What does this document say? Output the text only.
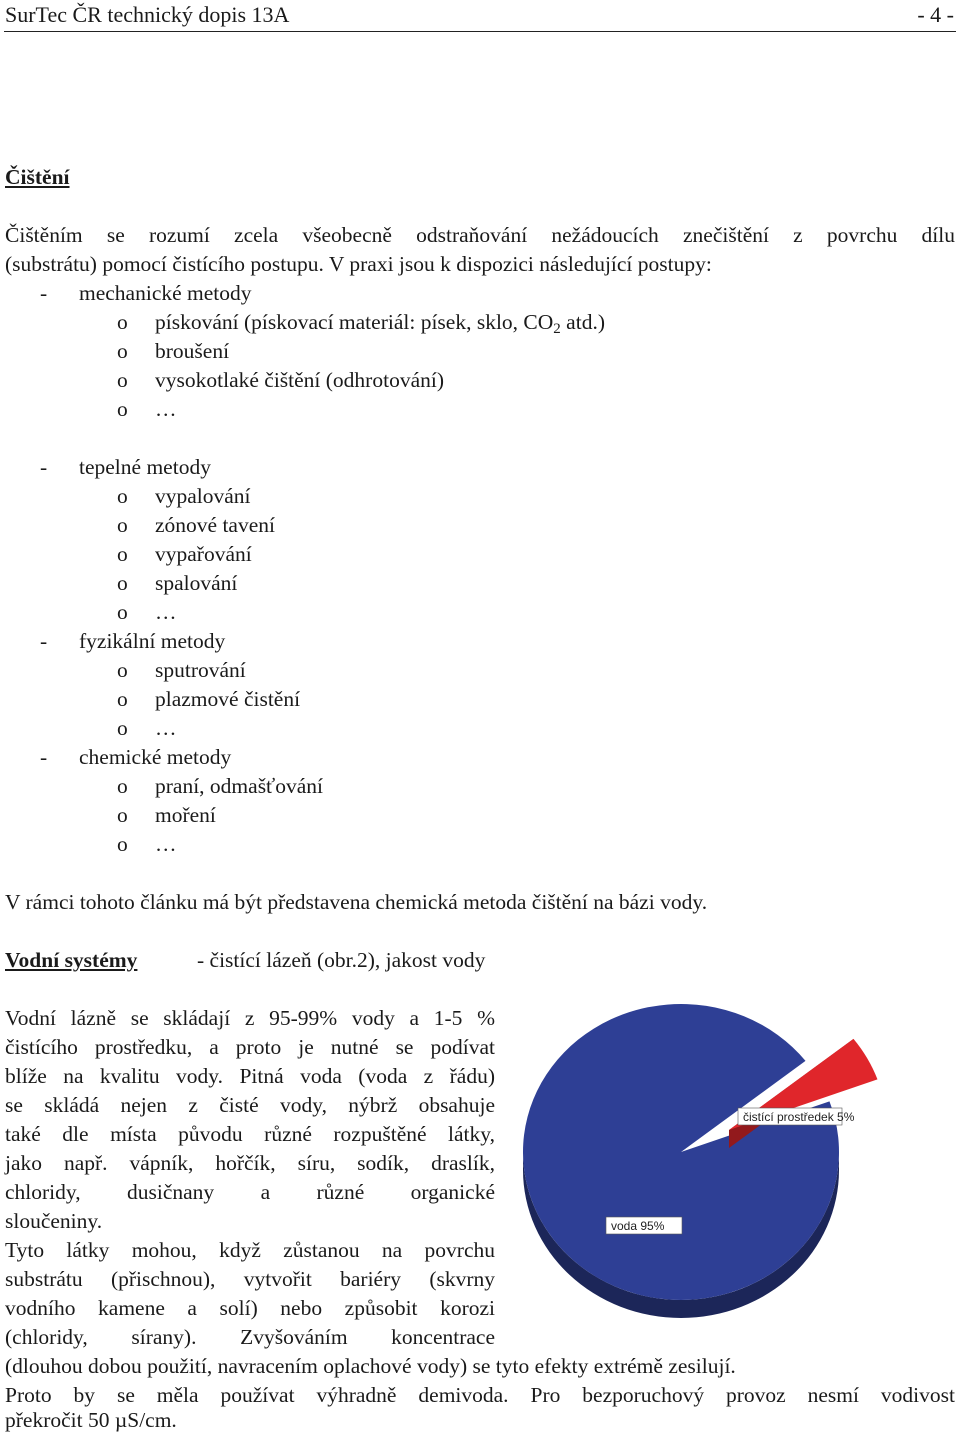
SurTec ČR technický dopis 13A	- 4 -
Čištění
Čištěním se rozumí zcela všeobecně odstraňování nežádoucích znečištění z povrchu dílu
(substrátu) pomocí čistícího postupu. V praxi jsou k dispozici následující postupy:
- mechanické metody
o pískování (pískovací materiál: písek, sklo, $CO_2$ atd.)
o broušení
o vysokotlaké čištění (odhrotování)
o …
- tepelné metody
o vypalování
o zónové tavení
o vypařování
o spalování
o …
- fyzikální metody
o sputrování
o plazmové čistění
o …
- chemické metody
o praní, odmašťování
o moření
o …
V rámci tohoto článku má být představena chemická metoda čištění na bázi vody.
Vodní systémy	- čistící lázeň (obr.2), jakost vody
Vodní lázně se skládají z 95-99% vody a 1-5 %
čistícího prostředku, a proto je nutné se podívat
blíže na kvalitu vody. Pitná voda (voda z řádu)
se skládá nejen z čisté vody, nýbrž obsahuje
také dle místa původu různé rozpuštěné látky,
jako např. vápník, hořčík, síru, sodík, draslík,
chloridy, dusičnany a různé organické
sloučeniny.
Tyto látky mohou, když zůstanou na povrchu
substrátu (přischnou), vytvořit bariéry (skvrny
vodního kamene a solí) nebo způsobit korozi
(chloridy, sírany). Zvyšováním koncentrace
(dlouhou dobou použití, navracením oplachové vody) se tyto efekty extrémě zesilují.
Proto by se měla používat výhradně demivoda. Pro bezporuchový provoz nesmí vodivost
překročit 50 µS/cm.
čistící prostředek 5%
voda 95%
